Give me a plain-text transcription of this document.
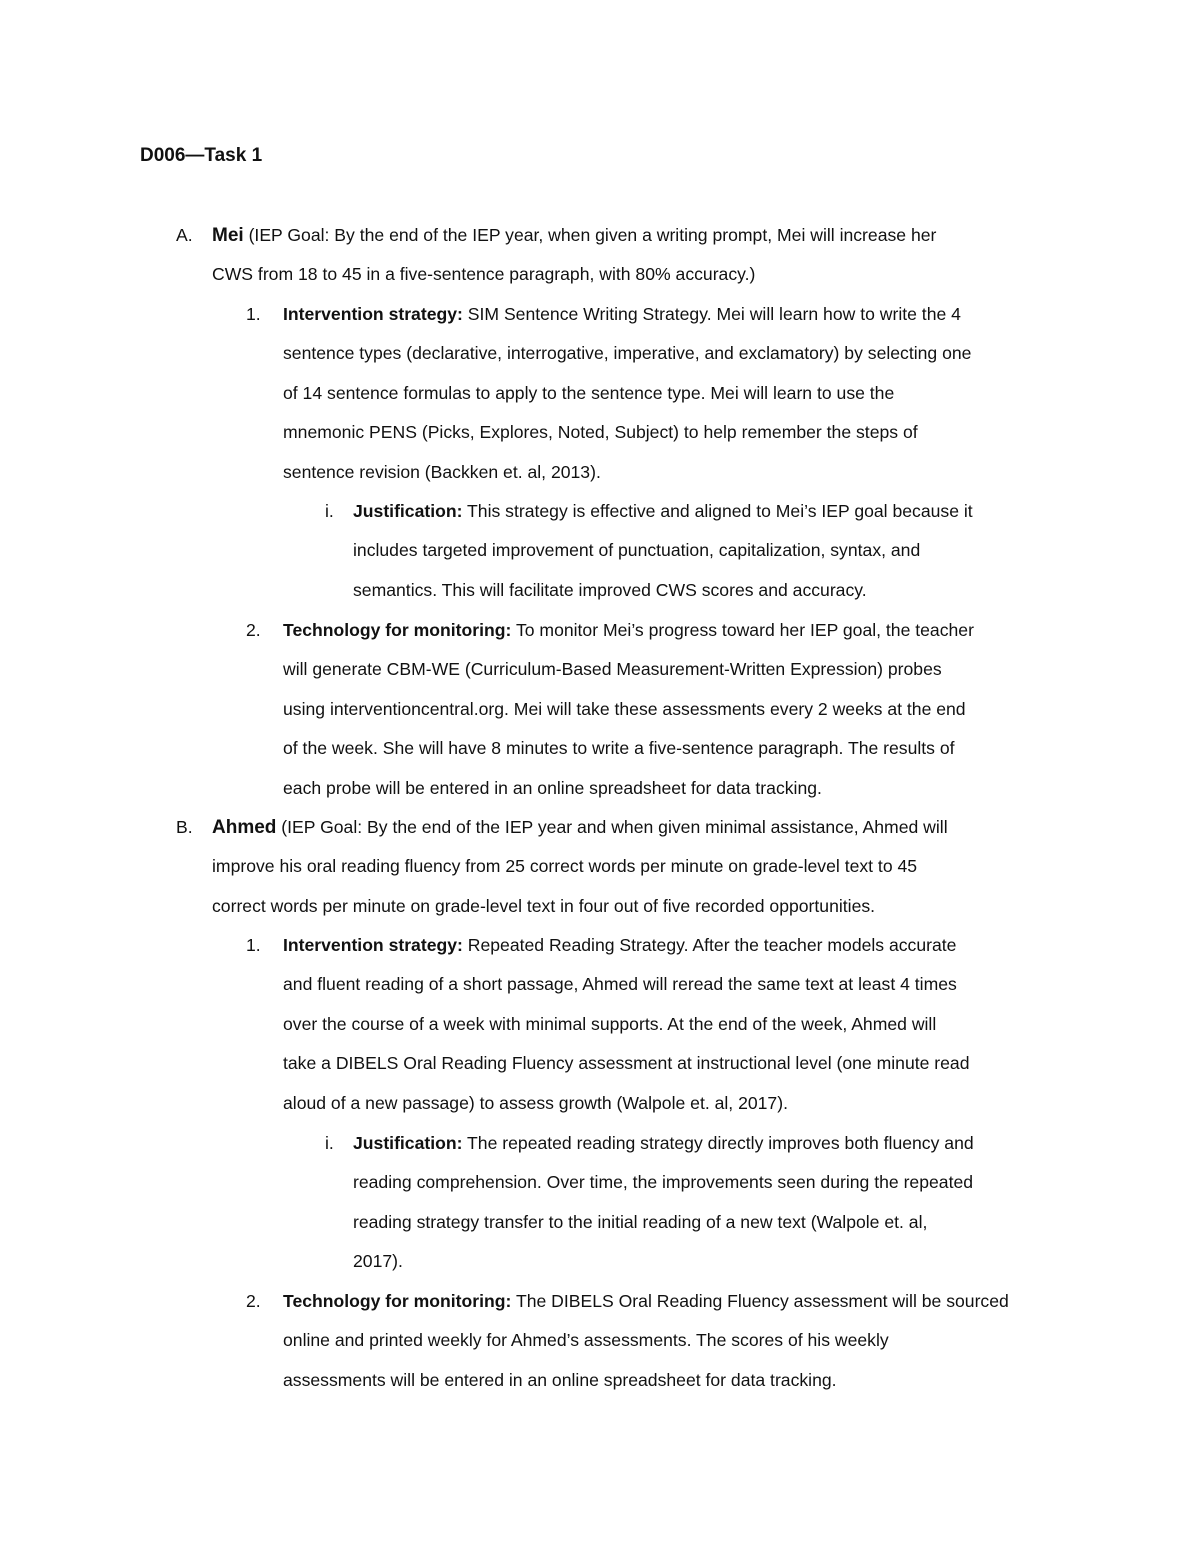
D006—Task 1
A. Mei (IEP Goal: By the end of the IEP year, when given a writing prompt, Mei will increase her
CWS from 18 to 45 in a five-sentence paragraph, with 80% accuracy.)
1. Intervention strategy: SIM Sentence Writing Strategy. Mei will learn how to write the 4
sentence types (declarative, interrogative, imperative, and exclamatory) by selecting one
of 14 sentence formulas to apply to the sentence type. Mei will learn to use the
mnemonic PENS (Picks, Explores, Noted, Subject) to help remember the steps of
sentence revision (Backken et. al, 2013).
i. Justification: This strategy is effective and aligned to Mei’s IEP goal because it
includes targeted improvement of punctuation, capitalization, syntax, and
semantics. This will facilitate improved CWS scores and accuracy.
2. Technology for monitoring: To monitor Mei’s progress toward her IEP goal, the teacher
will generate CBM-WE (Curriculum-Based Measurement-Written Expression) probes
using interventioncentral.org. Mei will take these assessments every 2 weeks at the end
of the week. She will have 8 minutes to write a five-sentence paragraph. The results of
each probe will be entered in an online spreadsheet for data tracking.
B. Ahmed (IEP Goal: By the end of the IEP year and when given minimal assistance, Ahmed will
improve his oral reading fluency from 25 correct words per minute on grade-level text to 45
correct words per minute on grade-level text in four out of five recorded opportunities.
1. Intervention strategy: Repeated Reading Strategy. After the teacher models accurate
and fluent reading of a short passage, Ahmed will reread the same text at least 4 times
over the course of a week with minimal supports. At the end of the week, Ahmed will
take a DIBELS Oral Reading Fluency assessment at instructional level (one minute read
aloud of a new passage) to assess growth (Walpole et. al, 2017).
i. Justification: The repeated reading strategy directly improves both fluency and
reading comprehension. Over time, the improvements seen during the repeated
reading strategy transfer to the initial reading of a new text (Walpole et. al,
2017).
2. Technology for monitoring: The DIBELS Oral Reading Fluency assessment will be sourced
online and printed weekly for Ahmed’s assessments. The scores of his weekly
assessments will be entered in an online spreadsheet for data tracking.
